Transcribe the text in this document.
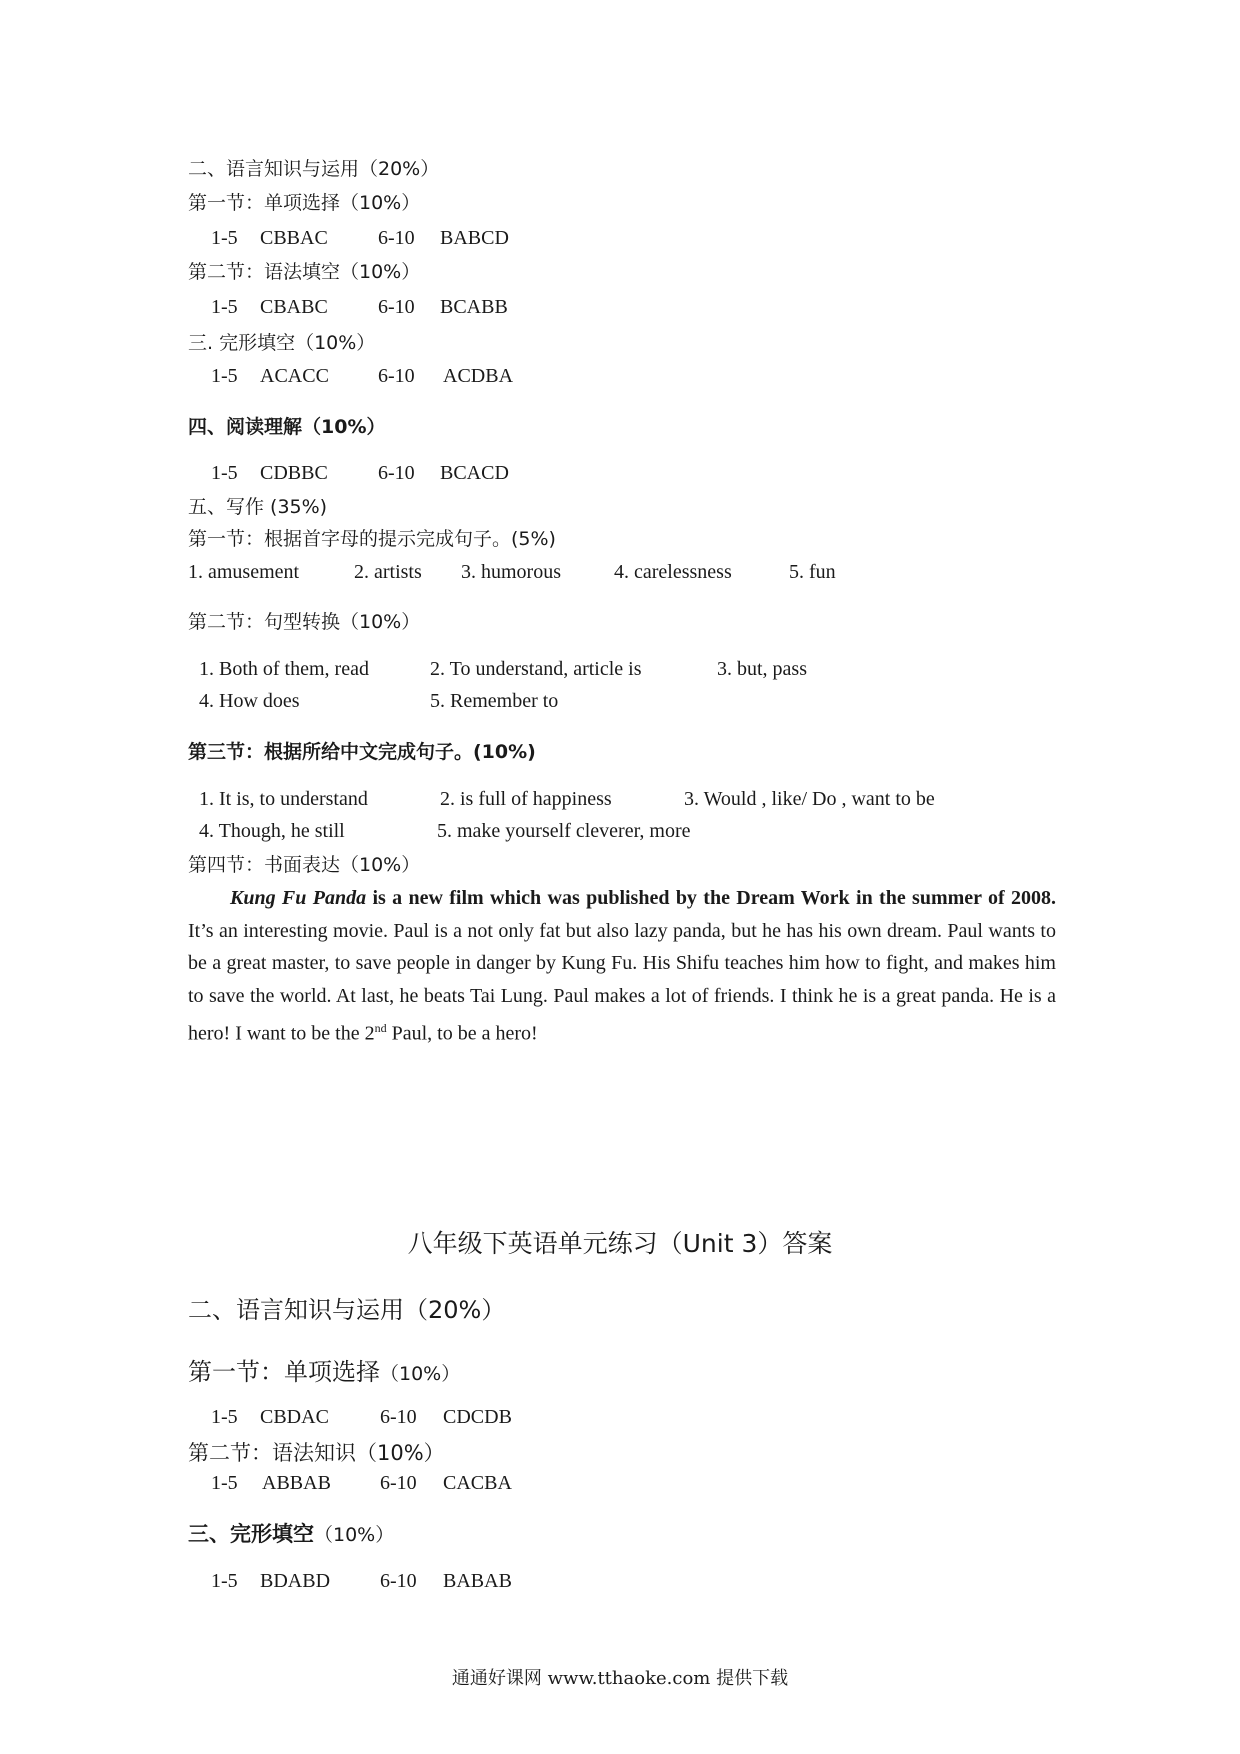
二、语言知识与运用（20%）
第一节：单项选择（10%）
1-5 CBBAC	6-10 BABCD
第二节：语法填空（10%）
1-5 CBABC	6-10 BCABB
三. 完形填空（10%）
1-5 ACACC 6-10 ACDBA
四、阅读理解（10%）
1-5 CDBBC	6-10 BCACD
五、写作 (35%)
第一节：根据首字母的提示完成句子。(5%)
1. amusement	2. artists 3. humorous	4. carelessness	5. fun
第二节：句型转换（10%）
1. Both of them, read	2. To understand, article is	3. but, pass
4. How does	5. Remember to
第三节：根据所给中文完成句子。(10%)
1. It is, to understand	2. is full of happiness	3. Would , like/ Do , want to be
4. Though, he still	5. make yourself cleverer, more
第四节：书面表达（10%）
Kung Fu Panda is a new film which was published by the Dream Work in the summer of 2008. It’s an interesting movie. Paul is a not only fat but also lazy panda, but he has his own dream. Paul wants to be a great master, to save people in danger by Kung Fu. His Shifu teaches him how to fight, and makes him to save the world. At last, he beats Tai Lung. Paul makes a lot of friends. I think he is a great panda. He is a hero! I want to be the 2nd Paul, to be a hero!
八年级下英语单元练习（Unit 3）答案
二、语言知识与运用（20%）
第一节：单项选择（10%）
1-5 CBDAC	6-10 CDCDB
第二节：语法知识（10%）
1-5 ABBAB 6-10 CACBA
三、完形填空（10%）
1-5 BDABD 6-10 BABAB
通通好课网 www.tthaoke.com 提供下载
